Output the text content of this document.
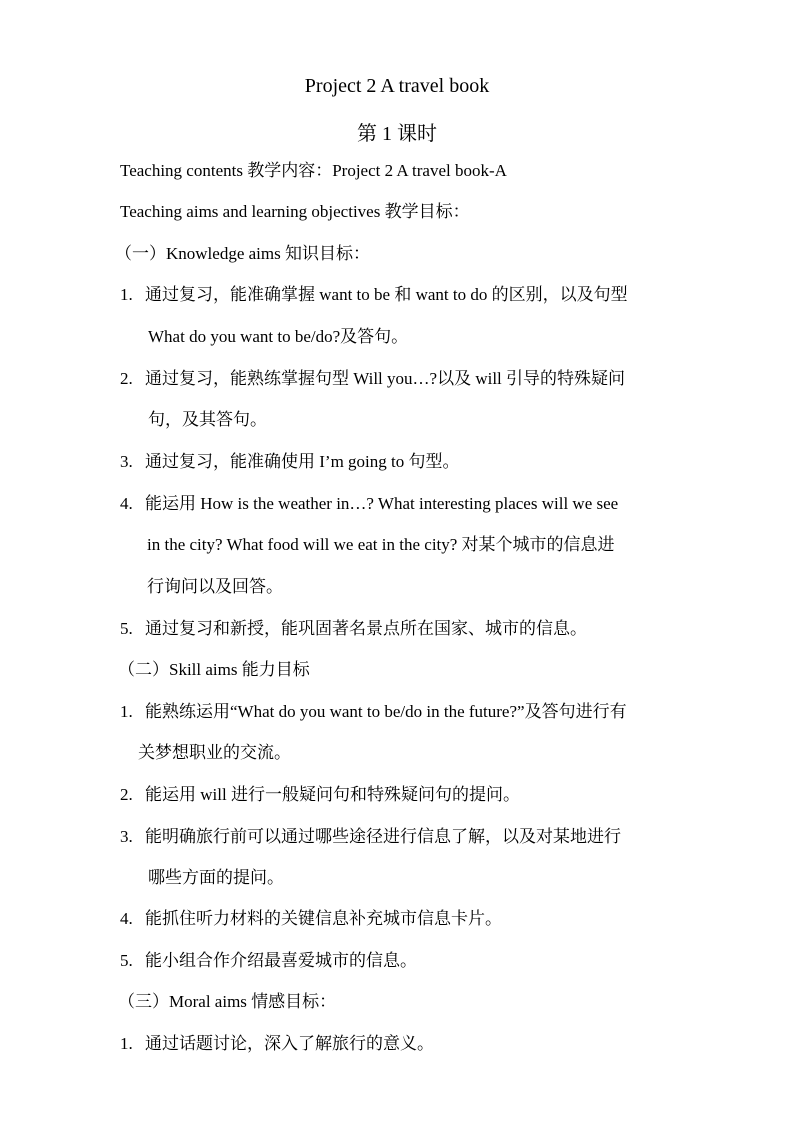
Project 2 A travel book
第 1 课时
Teaching contents 教学内容：Project 2 A travel book-A
Teaching aims and learning objectives 教学目标：
（一）Knowledge aims 知识目标：
1. 通过复习，能准确掌握 want to be 和 want to do 的区别，以及句型
What do you want to be/do?及答句。
2. 通过复习，能熟练掌握句型 Will you…?以及 will 引导的特殊疑问
句，及其答句。
3. 通过复习，能准确使用 I’m going to 句型。
4. 能运用 How is the weather in…? What interesting places will we see
in the city? What food will we eat in the city? 对某个城市的信息进
行询问以及回答。
5. 通过复习和新授，能巩固著名景点所在国家、城市的信息。
（二）Skill aims 能力目标
1. 能熟练运用“What do you want to be/do in the future?”及答句进行有
关梦想职业的交流。
2. 能运用 will 进行一般疑问句和特殊疑问句的提问。
3. 能明确旅行前可以通过哪些途径进行信息了解，以及对某地进行
哪些方面的提问。
4. 能抓住听力材料的关键信息补充城市信息卡片。
5. 能小组合作介绍最喜爱城市的信息。
（三）Moral aims 情感目标：
1. 通过话题讨论，深入了解旅行的意义。
